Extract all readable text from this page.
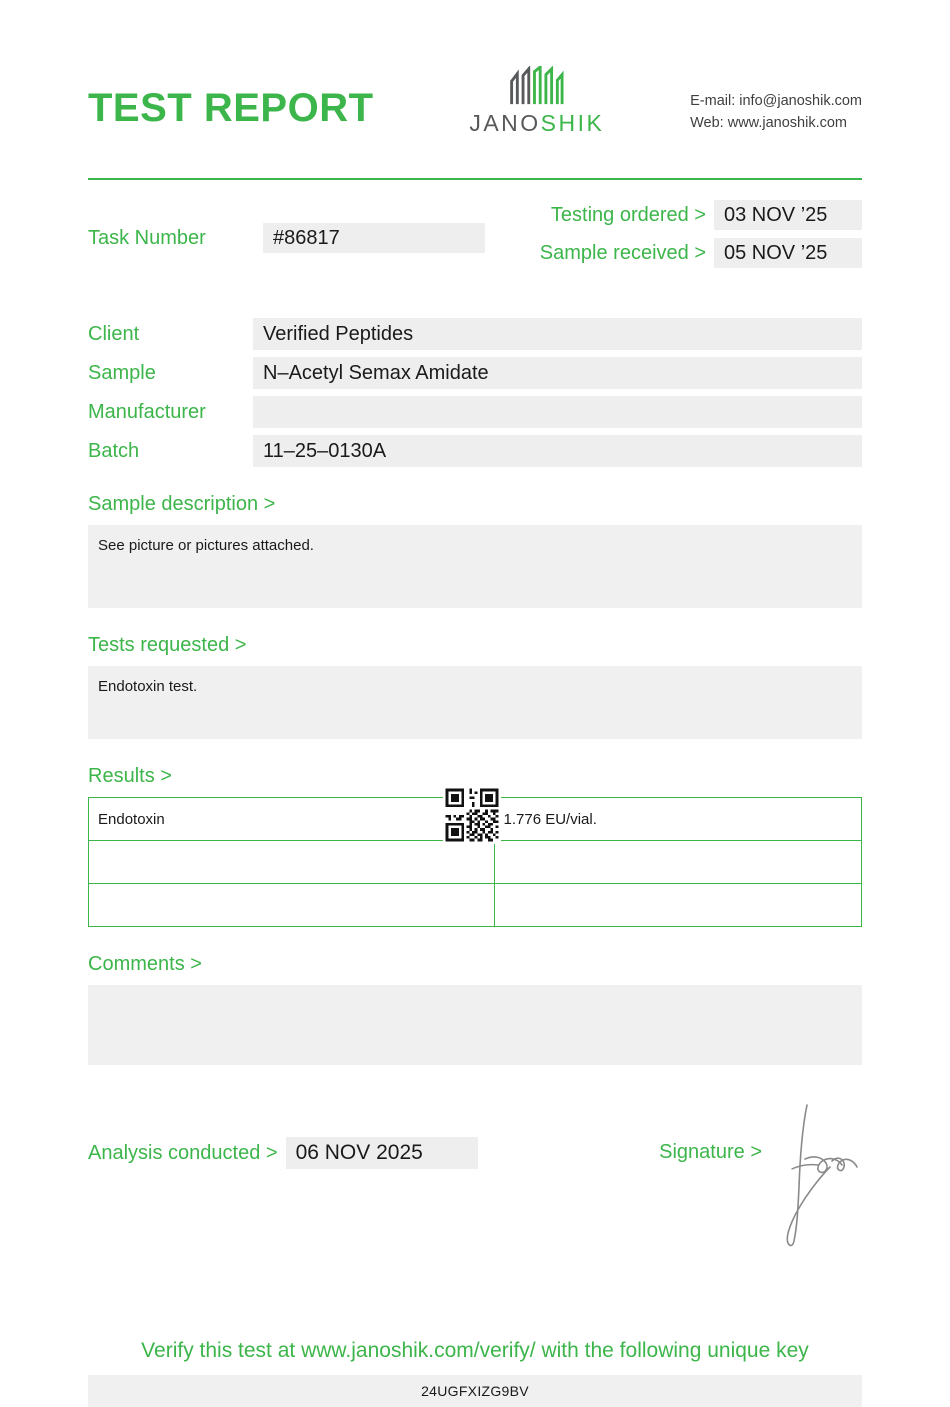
TEST REPORT	JANOSHIK
E-mail: info@janoshik.com
Web: www.janoshik.com
Task Number	#86817
Testing ordered > 03 NOV ’25
Sample received > 05 NOV ’25
Client	Verified Peptides
Sample	N–Acetyl Semax Amidate
Manufacturer
Batch	11–25–0130A
Sample description >
See picture or pictures attached.
Tests requested >
Endotoxin test.
Results >
Endotoxin	1.776 EU/vial.

Comments >
Analysis conducted > 06 NOV 2025	Signature >
Verify this test at www.janoshik.com/verify/ with the following unique key
24UGFXIZG9BV
